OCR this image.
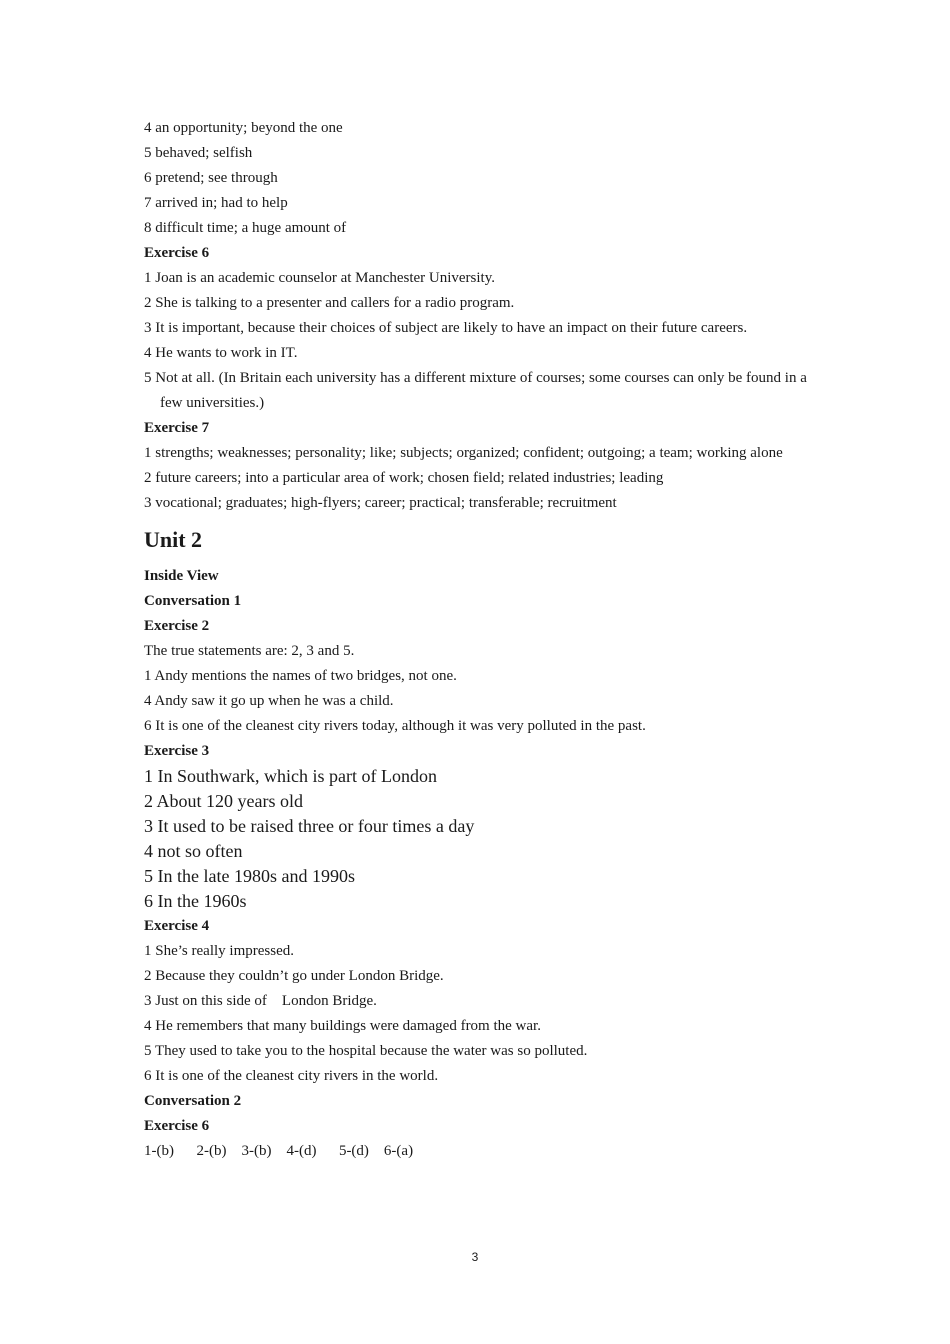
4 an opportunity; beyond the one
5 behaved; selfish
6 pretend; see through
7 arrived in; had to help
8 difficult time; a huge amount of
Exercise 6
1 Joan is an academic counselor at Manchester University.
2 She is talking to a presenter and callers for a radio program.
3 It is important, because their choices of subject are likely to have an impact on their future careers.
4 He wants to work in IT.
5 Not at all. (In Britain each university has a different mixture of courses; some courses can only be found in a few universities.)
Exercise 7
1 strengths; weaknesses; personality; like; subjects; organized; confident; outgoing; a team; working alone
2 future careers; into a particular area of work; chosen field; related industries; leading
3 vocational; graduates; high-flyers; career; practical; transferable; recruitment
Unit 2
Inside View
Conversation 1
Exercise 2
The true statements are: 2, 3 and 5.
1 Andy mentions the names of two bridges, not one.
4 Andy saw it go up when he was a child.
6 It is one of the cleanest city rivers today, although it was very polluted in the past.
Exercise 3
1 In Southwark, which is part of London
2 About 120 years old
3 It used to be raised three or four times a day
4 not so often
5 In the late 1980s and 1990s
6 In the 1960s
Exercise 4
1 She’s really impressed.
2 Because they couldn’t go under London Bridge.
3 Just on this side of    London Bridge.
4 He remembers that many buildings were damaged from the war.
5 They used to take you to the hospital because the water was so polluted.
6 It is one of the cleanest city rivers in the world.
Conversation 2
Exercise 6
1-(b)      2-(b)    3-(b)    4-(d)      5-(d)    6-(a)
3
